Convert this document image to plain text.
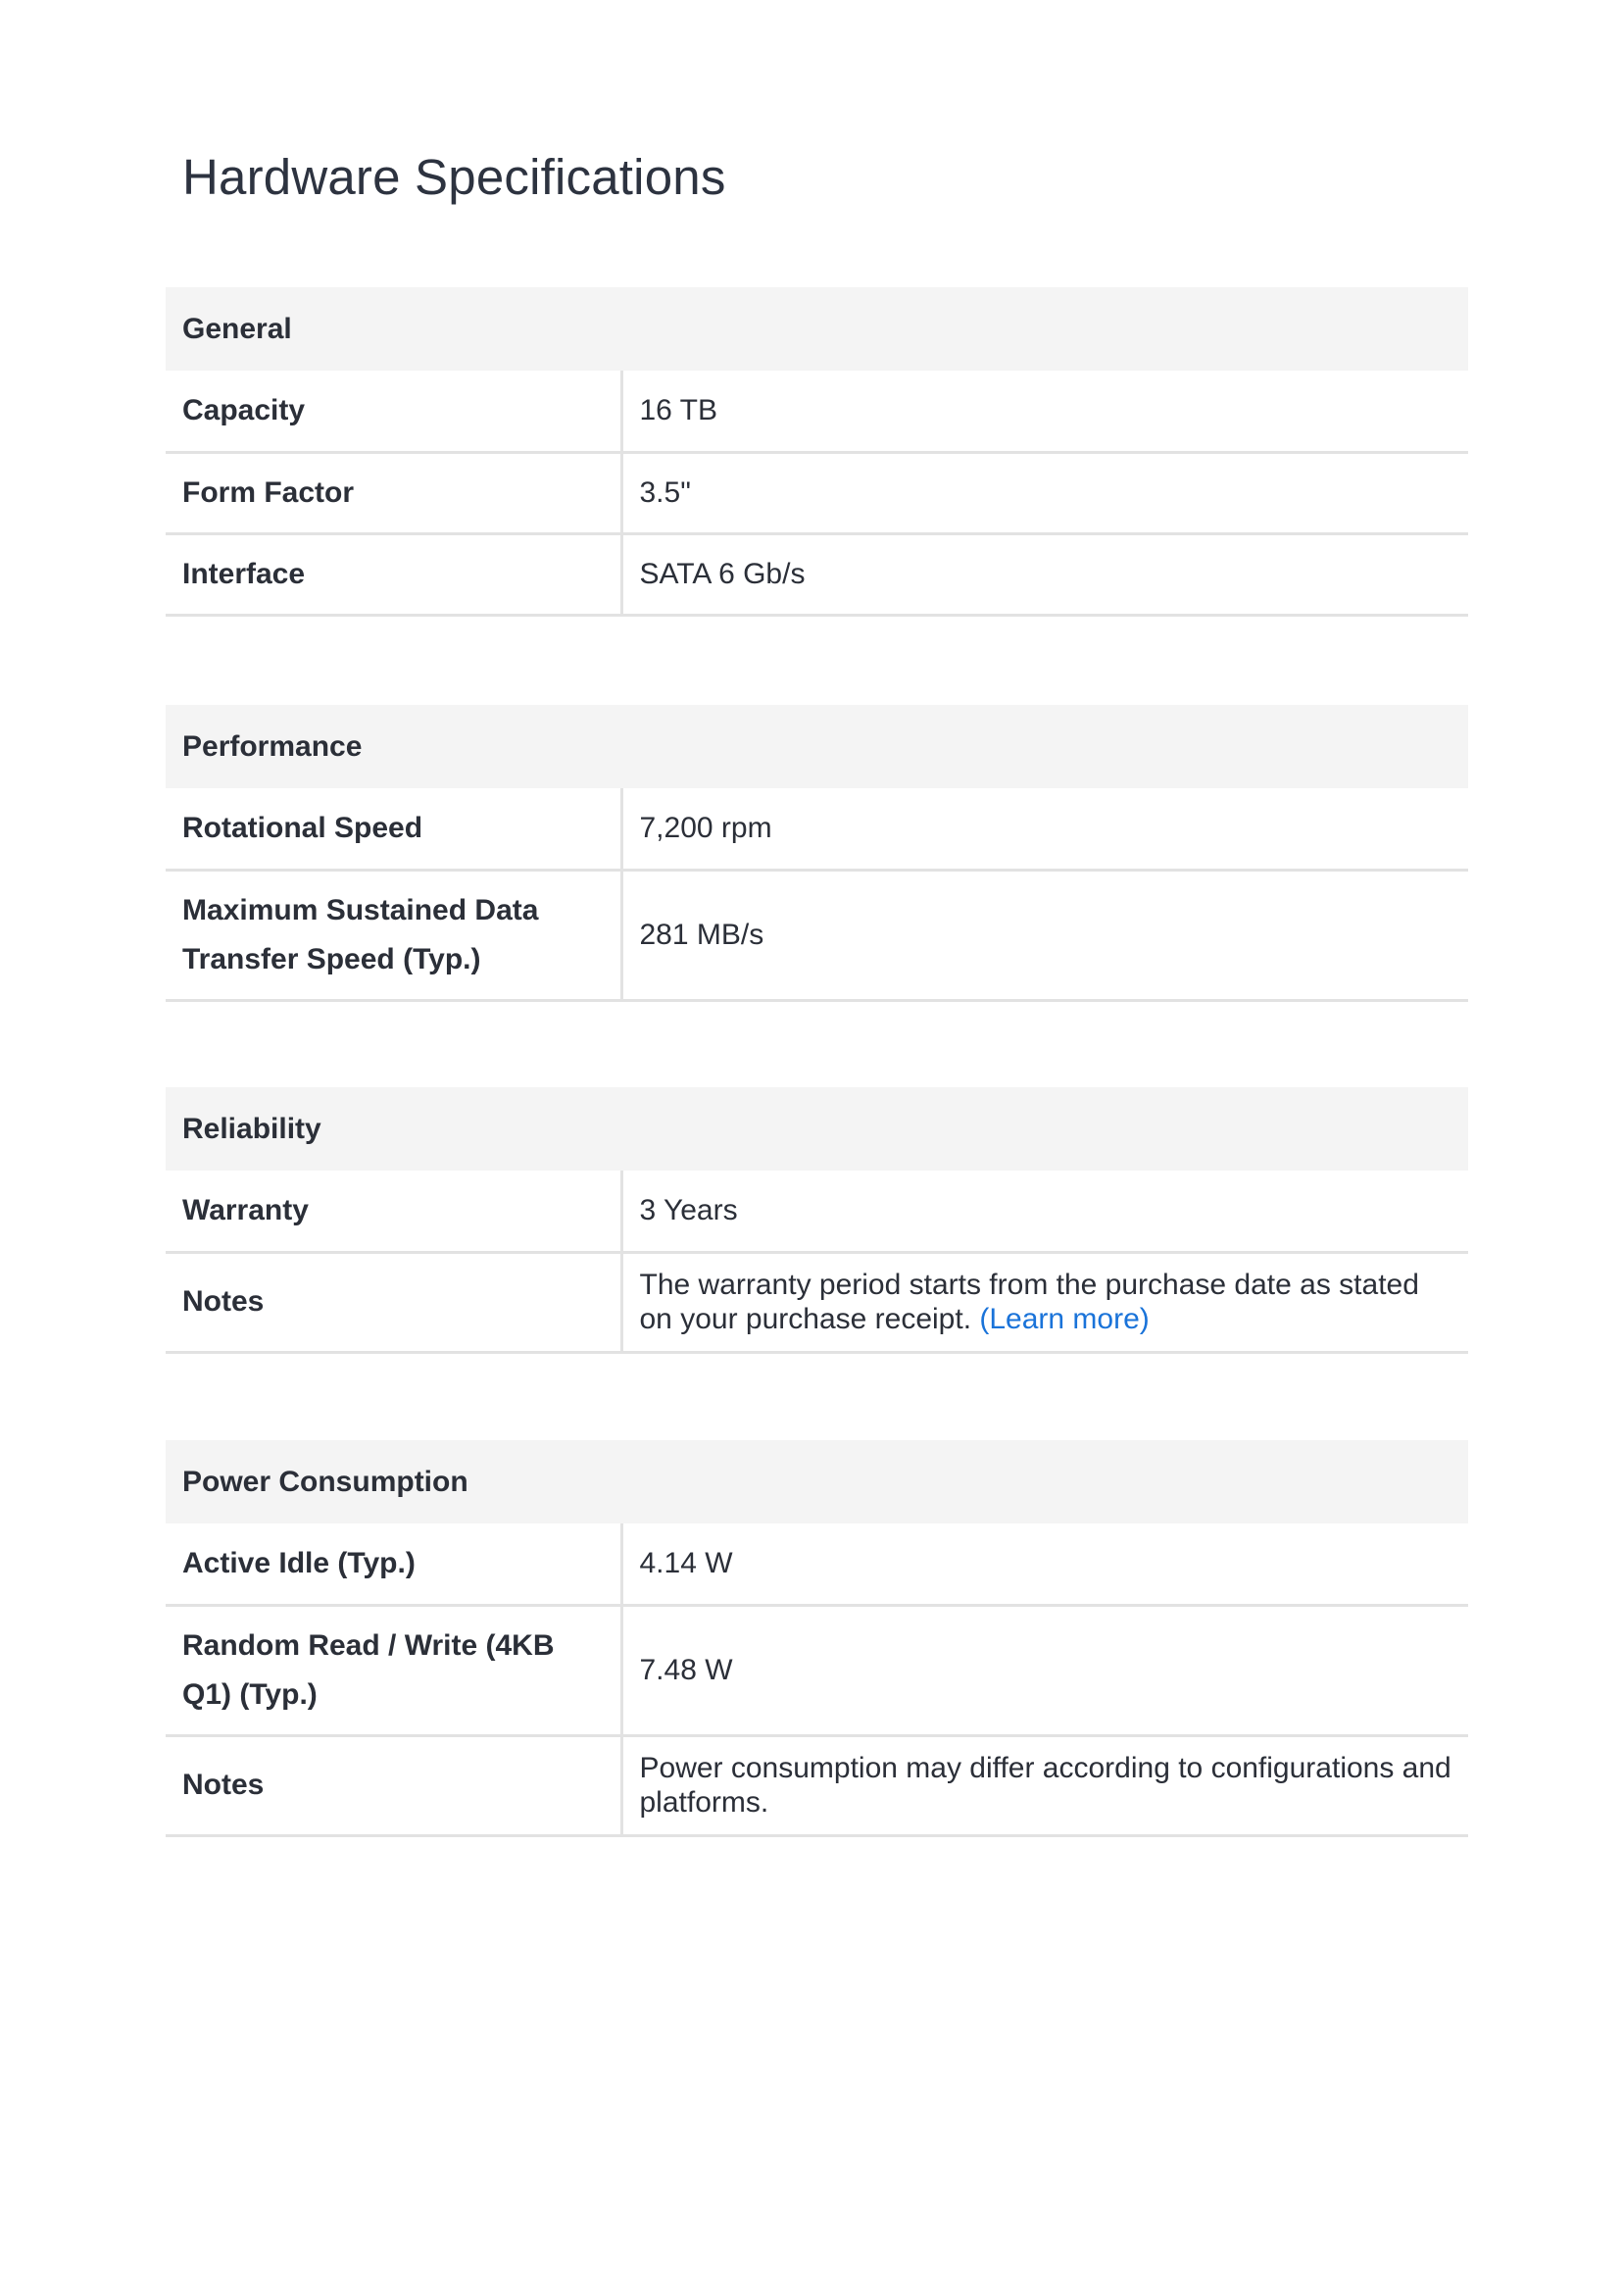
Hardware Specifications
General	
Capacity	16 TB
Form Factor	3.5"
Interface	SATA 6 Gb/s
Performance	
Rotational Speed	7,200 rpm
Maximum Sustained Data Transfer Speed (Typ.)	281 MB/s
Reliability	
Warranty	3 Years
Notes	The warranty period starts from the purchase date as stated on your purchase receipt. (Learn more)
Power Consumption	
Active Idle (Typ.)	4.14 W
Random Read / Write (4KB Q1) (Typ.)	7.48 W
Notes	Power consumption may differ according to configurations and platforms.
